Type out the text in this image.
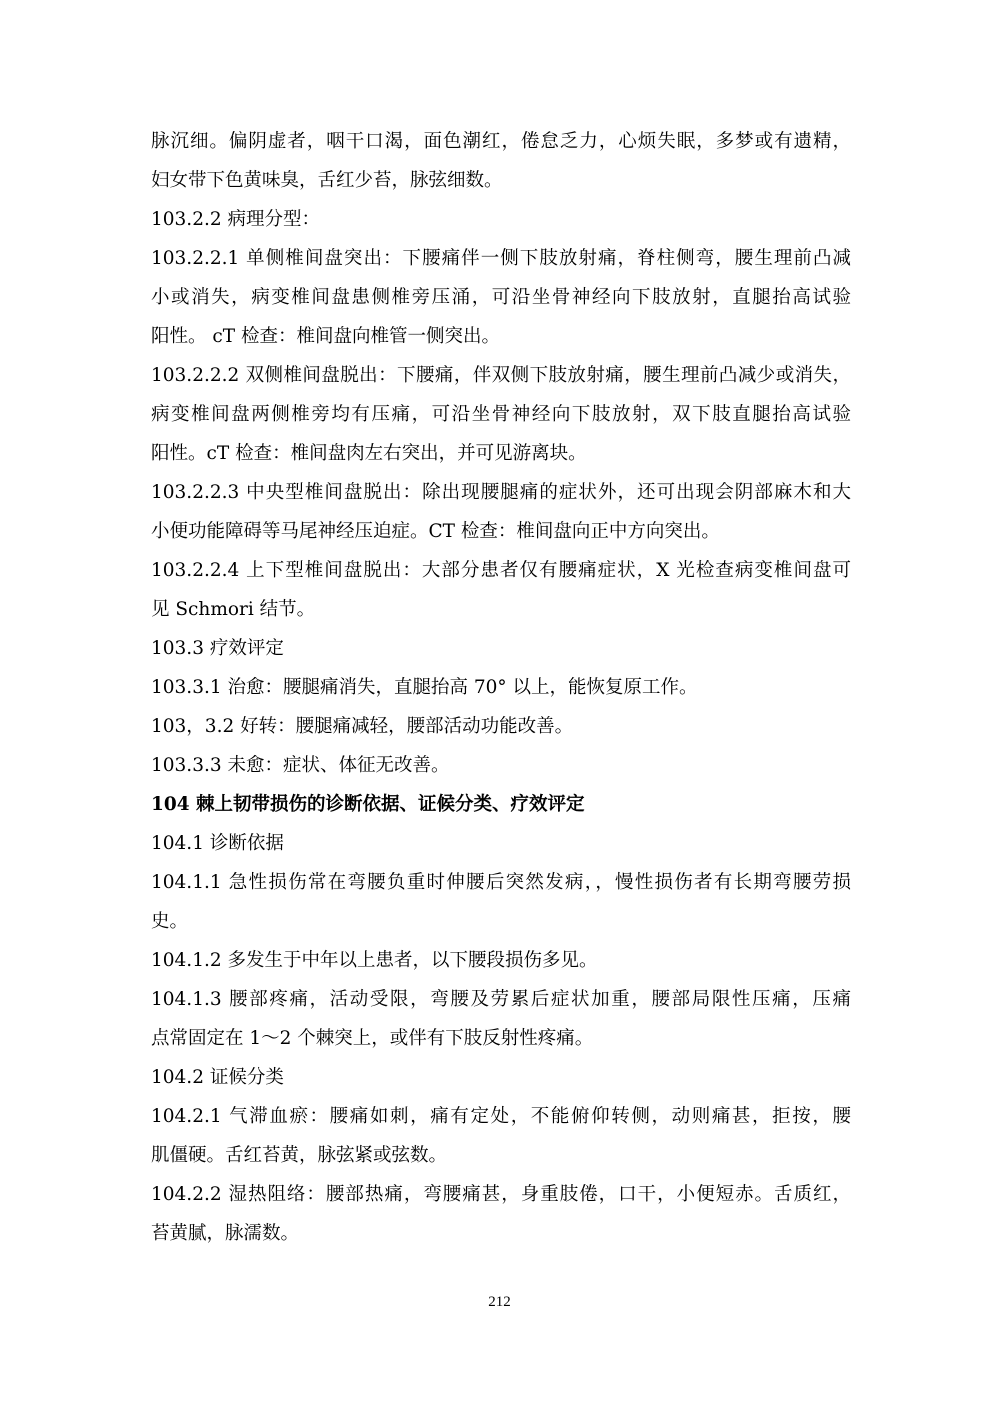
脉沉细。偏阴虚者，咽干口渴，面色潮红，倦怠乏力，心烦失眠，多梦或有遗精，
妇女带下色黄味臭，舌红少苔，脉弦细数。
103.2.2 病理分型：
103.2.2.1 单侧椎间盘突出：下腰痛伴一侧下肢放射痛，脊柱侧弯，腰生理前凸减
小或消失，病变椎间盘患侧椎旁压涌，可沿坐骨神经向下肢放射，直腿抬高试验
阳性。 cT 检查：椎间盘向椎管一侧突出。
103.2.2.2 双侧椎间盘脱出：下腰痛，伴双侧下肢放射痛，腰生理前凸减少或消失，
病变椎间盘两侧椎旁均有压痛，可沿坐骨神经向下肢放射，双下肢直腿抬高试验
阳性。cT 检查：椎间盘肉左右突出，并可见游离块。
103.2.2.3 中央型椎间盘脱出：除出现腰腿痛的症状外，还可出现会阴部麻木和大
小便功能障碍等马尾神经压迫症。CT 检查：椎间盘向正中方向突出。
103.2.2.4 上下型椎间盘脱出：大部分患者仅有腰痛症状，X 光检查病变椎间盘可
见 Schmori 结节。
103.3 疗效评定
103.3.1 治愈：腰腿痛消失，直腿抬高 70° 以上，能恢复原工作。
103，3.2 好转：腰腿痛减轻，腰部活动功能改善。
103.3.3 未愈：症状、体征无改善。
104 棘上韧带损伤的诊断依据、证候分类、疗效评定
104.1 诊断依据
104.1.1 急性损伤常在弯腰负重时伸腰后突然发病，，慢性损伤者有长期弯腰劳损
史。
104.1.2 多发生于中年以上患者，以下腰段损伤多见。
104.1.3 腰部疼痛，活动受限，弯腰及劳累后症状加重，腰部局限性压痛，压痛
点常固定在 1～2 个棘突上，或伴有下肢反射性疼痛。
104.2 证候分类
104.2.1 气滞血瘀：腰痛如刺，痛有定处，不能俯仰转侧，动则痛甚，拒按，腰
肌僵硬。舌红苔黄，脉弦紧或弦数。
104.2.2 湿热阻络：腰部热痛，弯腰痛甚，身重肢倦，口干，小便短赤。舌质红，
苔黄腻，脉濡数。
212
